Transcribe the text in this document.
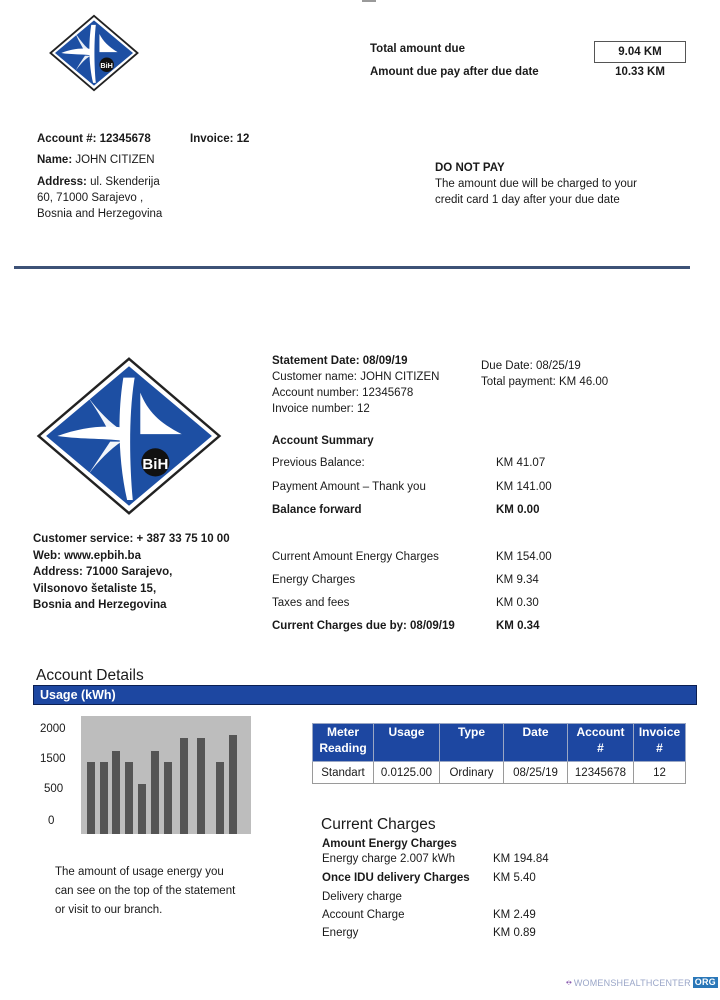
BiH
Total amount due	9.04 KM
Amount due pay after due date	10.33 KM
Account #: 12345678	Invoice: 12
Name: JOHN CITIZEN
Address: ul. Skenderija
60, 71000 Sarajevo ,
Bosnia and Herzegovina
DO NOT PAY
The amount due will be charged to your
credit card 1 day after your due date
BiH
Statement Date: 08/09/19
Customer name: JOHN CITIZEN
Account number: 12345678
Invoice number: 12
Due Date: 08/25/19
Total payment: KM 46.00
Account Summary
Previous Balance:	KM 41.07
Payment Amount – Thank you	KM 141.00
Balance forward	KM 0.00
Current Amount Energy Charges	KM 154.00
Energy Charges	KM 9.34
Taxes and fees	KM 0.30
Current Charges due by: 08/09/19	KM 0.34
Customer service: + 387 33 75 10 00
Web: www.epbih.ba
Address: 71000 Sarajevo,
Vilsonovo šetaliste 15,
Bosnia and Herzegovina
Account Details
Usage (kWh)
2000
1500
500
0
The amount of usage energy you
can see on the top of the statement
or visit to our branch.
Meter Reading	Usage	Type	Date	Account #	Invoice #
Standart	0.0125.00	Ordinary	08/25/19	12345678	12
Current Charges
Amount Energy Charges
Energy charge 2.007 kWh	KM 194.84
Once IDU delivery Charges KM 5.40
Delivery charge
Account Charge	KM 2.49
Energy	KM 0.89
•:• WOMENSHEALTHCENTER ORG
